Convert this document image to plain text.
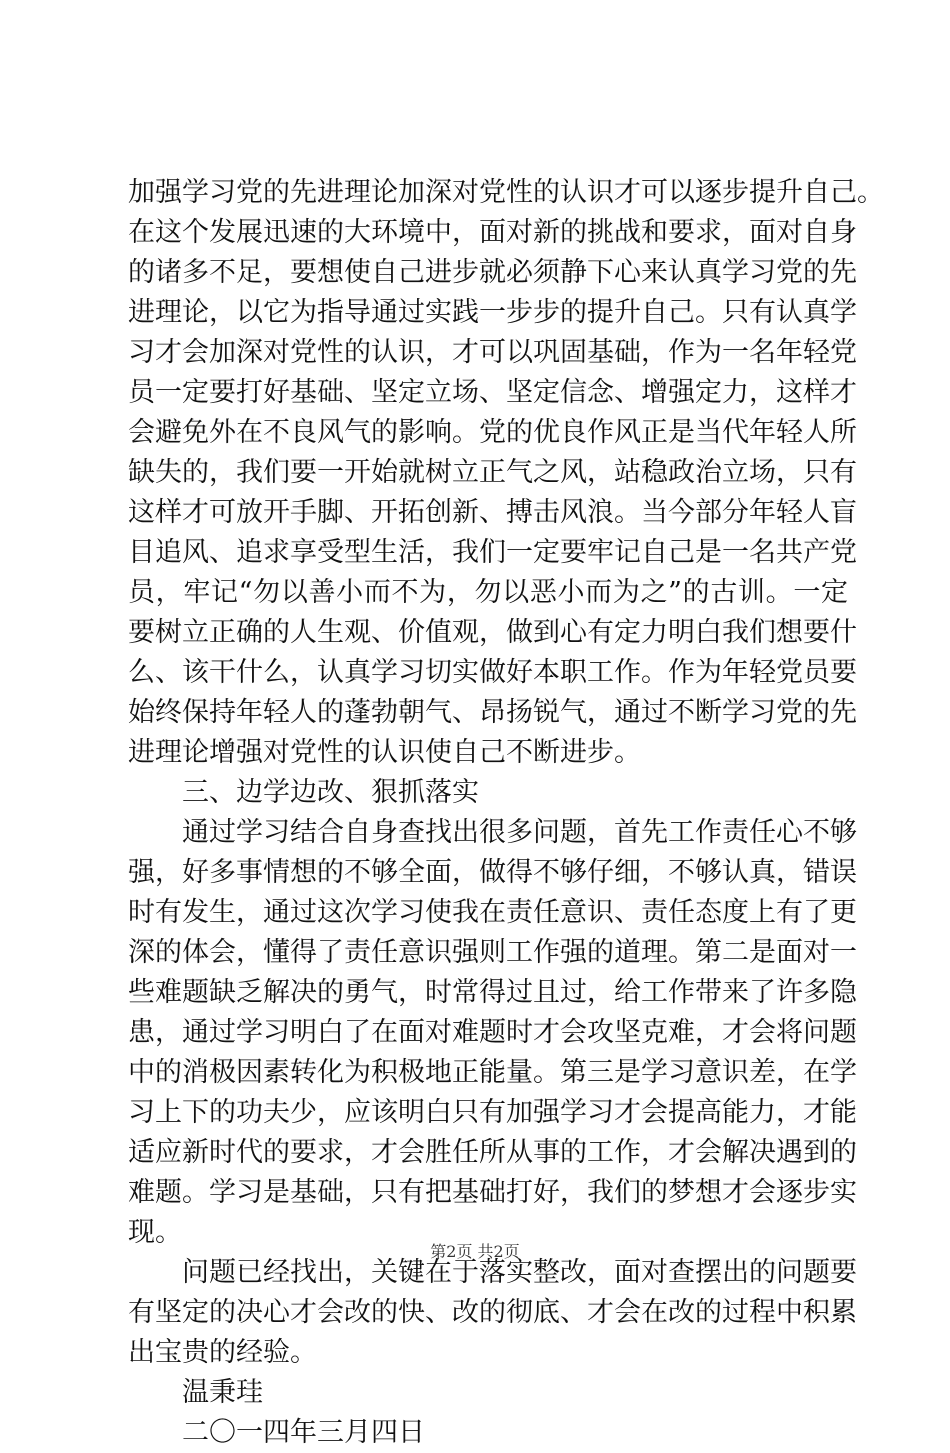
加强学习党的先进理论加深对党性的认识才可以逐步提升自己。
在这个发展迅速的大环境中，面对新的挑战和要求，面对自身
的诸多不足，要想使自己进步就必须静下心来认真学习党的先
进理论，以它为指导通过实践一步步的提升自己。只有认真学
习才会加深对党性的认识，才可以巩固基础，作为一名年轻党
员一定要打好基础、坚定立场、坚定信念、增强定力，这样才
会避免外在不良风气的影响。党的优良作风正是当代年轻人所
缺失的，我们要一开始就树立正气之风，站稳政治立场，只有
这样才可放开手脚、开拓创新、搏击风浪。当今部分年轻人盲
目追风、追求享受型生活，我们一定要牢记自己是一名共产党
员，牢记“勿以善小而不为，勿以恶小而为之”的古训。一定
要树立正确的人生观、价值观，做到心有定力明白我们想要什
么、该干什么，认真学习切实做好本职工作。作为年轻党员要
始终保持年轻人的蓬勃朝气、昂扬锐气，通过不断学习党的先
进理论增强对党性的认识使自己不断进步。
三、边学边改、狠抓落实
通过学习结合自身查找出很多问题，首先工作责任心不够
强，好多事情想的不够全面，做得不够仔细，不够认真，错误
时有发生，通过这次学习使我在责任意识、责任态度上有了更
深的体会，懂得了责任意识强则工作强的道理。第二是面对一
些难题缺乏解决的勇气，时常得过且过，给工作带来了许多隐
患，通过学习明白了在面对难题时才会攻坚克难，才会将问题
中的消极因素转化为积极地正能量。第三是学习意识差，在学
习上下的功夫少，应该明白只有加强学习才会提高能力，才能
适应新时代的要求，才会胜任所从事的工作，才会解决遇到的
难题。学习是基础，只有把基础打好，我们的梦想才会逐步实
现。
问题已经找出，关键在于落实整改，面对查摆出的问题要
有坚定的决心才会改的快、改的彻底、才会在改的过程中积累
出宝贵的经验。
温秉珪
二〇一四年三月四日
第2页 共2页
